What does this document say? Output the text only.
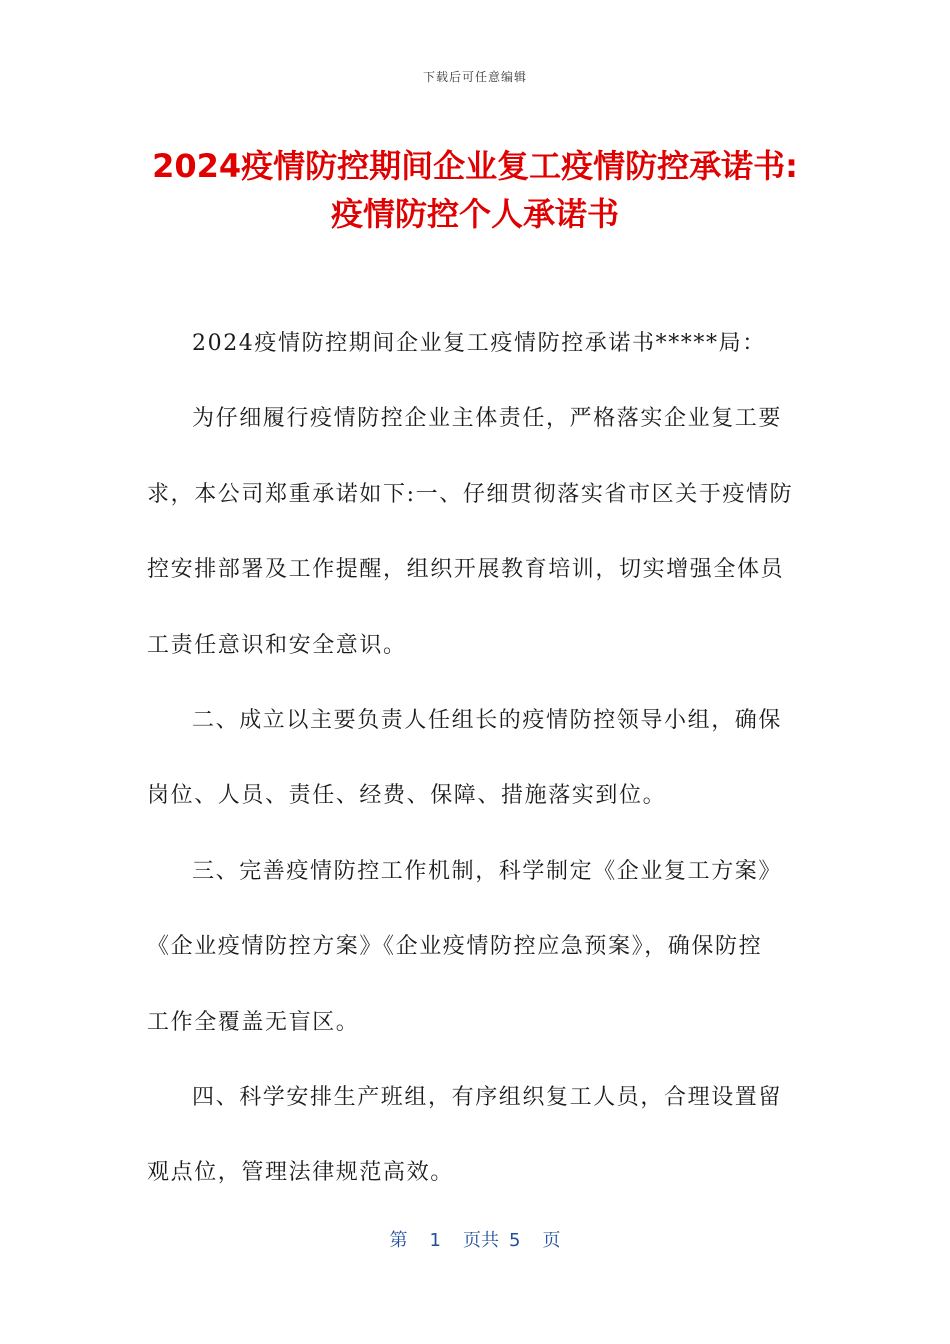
下载后可任意编辑
2024疫情防控期间企业复工疫情防控承诺书:
疫情防控个人承诺书
2024疫情防控期间企业复工疫情防控承诺书*****局：
为仔细履行疫情防控企业主体责任，严格落实企业复工要
求，本公司郑重承诺如下:一、仔细贯彻落实省市区关于疫情防
控安排部署及工作提醒，组织开展教育培训，切实增强全体员
工责任意识和安全意识。
二、成立以主要负责人任组长的疫情防控领导小组，确保
岗位、人员、责任、经费、保障、措施落实到位。
三、完善疫情防控工作机制，科学制定《企业复工方案》
《企业疫情防控方案》《企业疫情防控应急预案》，确保防控
工作全覆盖无盲区。
四、科学安排生产班组，有序组织复工人员，合理设置留
观点位，管理法律规范高效。
第 1 页共 5 页
